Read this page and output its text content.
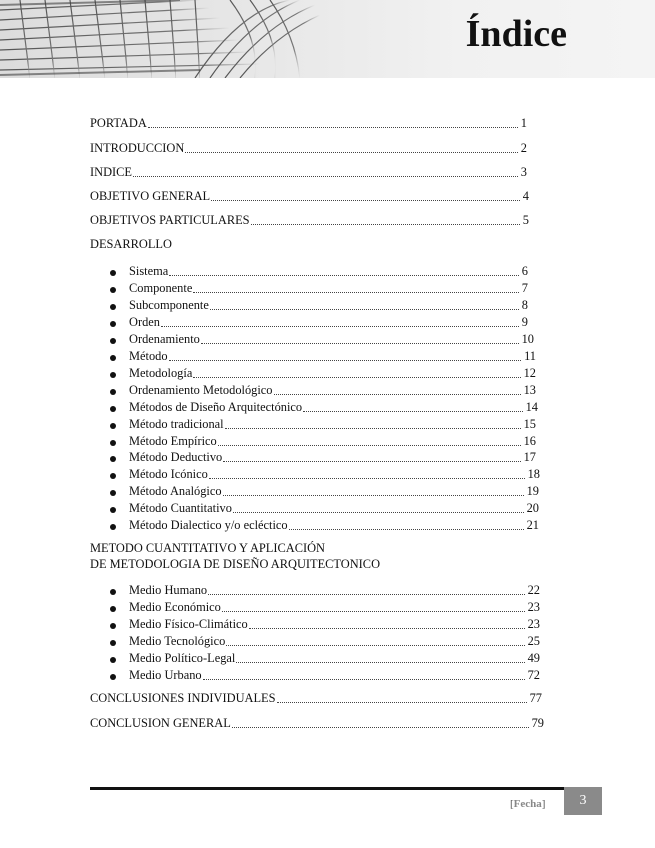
Índice
PORTADA	1
INTRODUCCION	2
INDICE	3
OBJETIVO GENERAL	4
OBJETIVOS PARTICULARES	5
DESARROLLO
Sistema	6
Componente	7
Subcomponente	8
Orden	9
Ordenamiento	10
Método	11
Metodología	12
Ordenamiento Metodológico	13
Métodos de Diseño Arquitectónico	14
Método tradicional	15
Método Empírico	16
Método Deductivo	17
Método Icónico	18
Método Analógico	19
Método Cuantitativo	20
Método Dialectico y/o ecléctico	21
METODO CUANTITATIVO Y APLICACIÓN
DE METODOLOGIA DE DISEÑO ARQUITECTONICO
Medio Humano	22
Medio Económico	23
Medio Físico-Climático	23
Medio Tecnológico	25
Medio Político-Legal	49
Medio Urbano	72
CONCLUSIONES INDIVIDUALES	77
CONCLUSION GENERAL	79
[Fecha]	3
